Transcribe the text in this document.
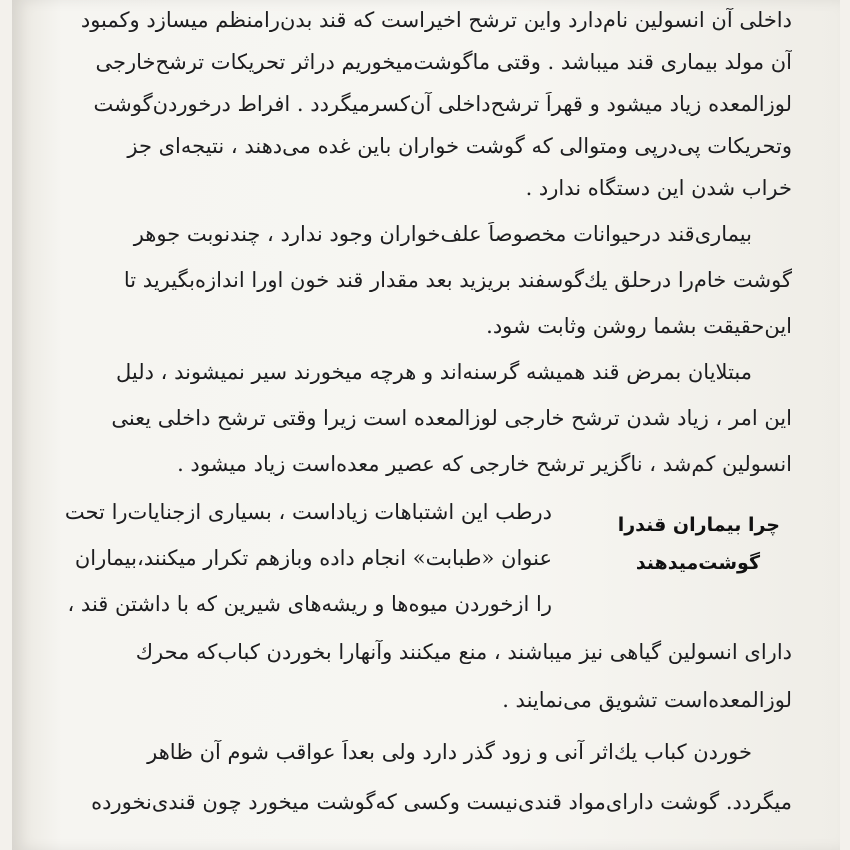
داخلی آن انسولین نام‌دارد واین ترشح اخیراست که قند بدن‌رامنظم میسازد وکمبود
آن مولد بیماری قند میباشد . وقتی ماگوشت‌میخوریم دراثر تحریکات ترشح‌خارجی
لوزالمعده زیاد میشود و قهراً ترشح‌داخلی آن‌کسرمیگردد . افراط درخوردن‌گوشت
وتحریکات پی‌درپی ومتوالی که گوشت خواران باین غده می‌دهند ، نتیجه‌ای جز
خراب شدن این دستگاه ندارد .
بیماری‌قند درحیوانات مخصوصاً علف‌خواران وجود ندارد ، چندنوبت جوهر
گوشت خام‌را درحلق یك‌گوسفند بریزید بعد مقدار قند خون اورا اندازه‌بگیرید تا
این‌حقیقت بشما روشن وثابت شود.
مبتلایان بمرض قند همیشه گرسنه‌اند و هرچه میخورند سیر نمیشوند ، دلیل
این امر ، زیاد شدن ترشح خارجی لوزالمعده است زیرا وقتی ترشح داخلی یعنی
انسولین کم‌شد ، ناگزیر ترشح خارجی که عصیر معده‌است زیاد میشود .
چرا بیماران قندرا
گوشت‌میدهند
درطب این اشتباهات زیاداست ، بسیاری ازجنایات‌را تحت
عنوان «طبابت» انجام داده وبازهم تکرار میکنند،بیماران
را ازخوردن میوه‌ها و ریشه‌های شیرین که با داشتن قند ،
دارای انسولین گیاهی نیز میباشند ، منع میکنند وآنهارا بخوردن کباب‌که محرك
لوزالمعده‌است تشویق می‌نمایند .
خوردن کباب یك‌اثر آنی و زود گذر دارد ولی بعداً عواقب شوم آن ظاهر
میگردد. گوشت دارای‌مواد قندی‌نیست وکسی که‌گوشت میخورد چون قندی‌نخورده
